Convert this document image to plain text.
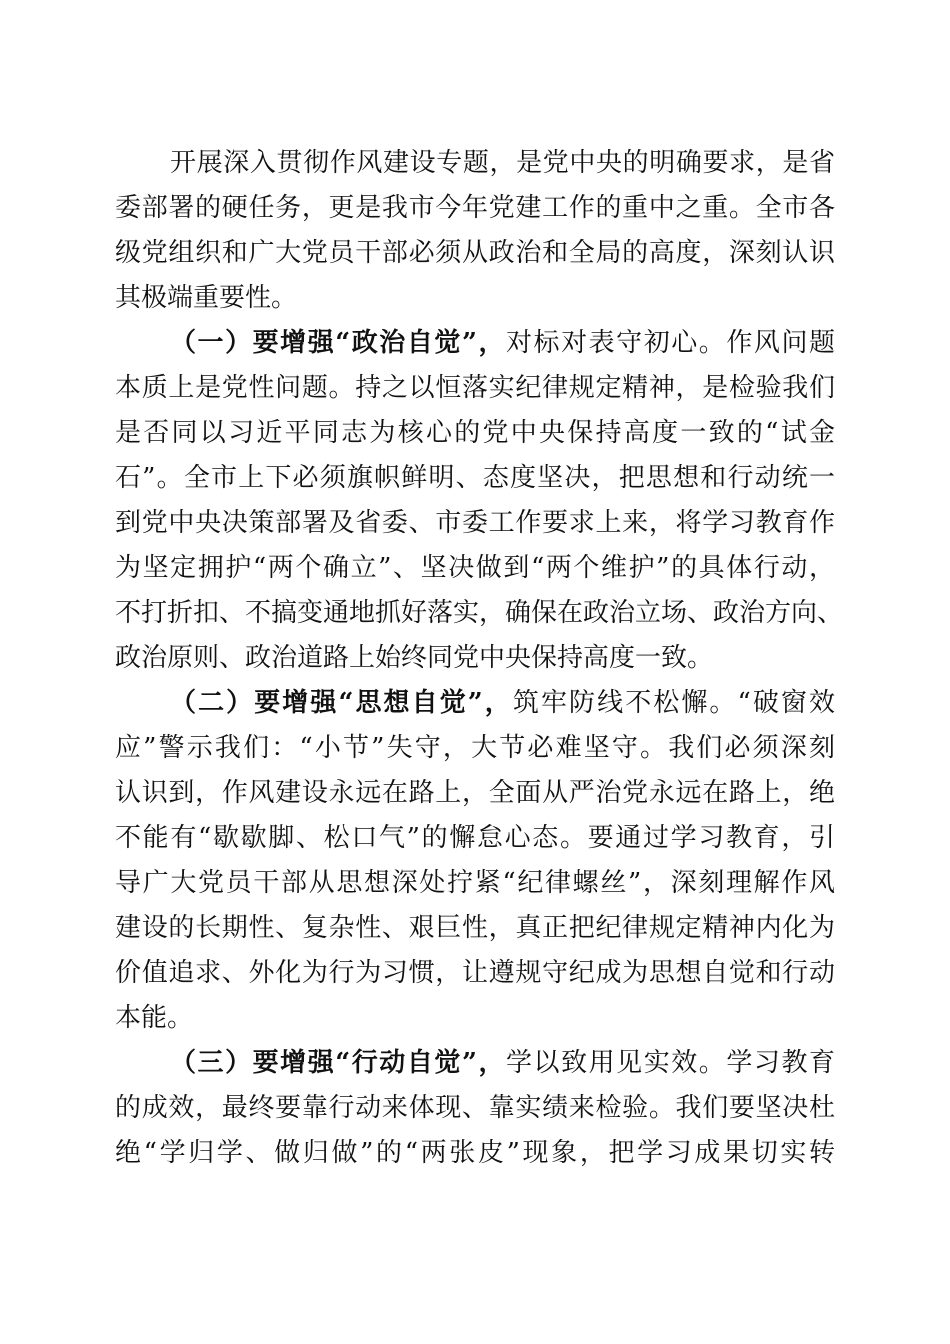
开展深入贯彻作风建设专题，是党中央的明确要求，是省
委部署的硬任务，更是我市今年党建工作的重中之重。全市各
级党组织和广大党员干部必须从政治和全局的高度，深刻认识
其极端重要性。
（一）要增强“政治自觉”，对标对表守初心。作风问题
本质上是党性问题。持之以恒落实纪律规定精神，是检验我们
是否同以习近平同志为核心的党中央保持高度一致的“试金
石”。全市上下必须旗帜鲜明、态度坚决，把思想和行动统一
到党中央决策部署及省委、市委工作要求上来，将学习教育作
为坚定拥护“两个确立”、坚决做到“两个维护”的具体行动，
不打折扣、不搞变通地抓好落实，确保在政治立场、政治方向、
政治原则、政治道路上始终同党中央保持高度一致。
（二）要增强“思想自觉”，筑牢防线不松懈。“破窗效
应”警示我们：“小节”失守，大节必难坚守。我们必须深刻
认识到，作风建设永远在路上，全面从严治党永远在路上，绝
不能有“歇歇脚、松口气”的懈怠心态。要通过学习教育，引
导广大党员干部从思想深处拧紧“纪律螺丝”，深刻理解作风
建设的长期性、复杂性、艰巨性，真正把纪律规定精神内化为
价值追求、外化为行为习惯，让遵规守纪成为思想自觉和行动
本能。
（三）要增强“行动自觉”，学以致用见实效。学习教育
的成效，最终要靠行动来体现、靠实绩来检验。我们要坚决杜
绝“学归学、做归做”的“两张皮”现象，把学习成果切实转
